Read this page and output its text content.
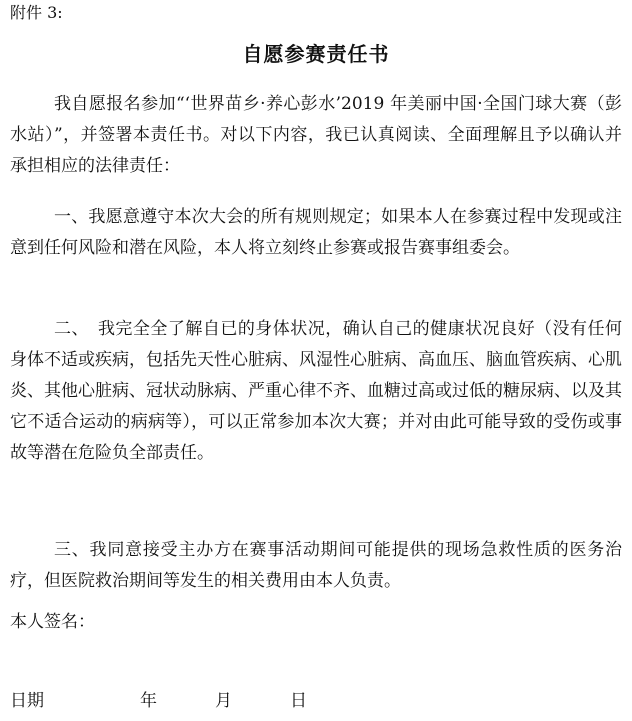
附件 3:
自愿参赛责任书

我自愿报名参加“‘世界苗乡·养心彭水’2019 年美丽中国·全国门球大赛（彭水站）”，并签署本责任书。对以下内容，我已认真阅读、全面理解且予以确认并承担相应的法律责任：

一、我愿意遵守本次大会的所有规则规定；如果本人在参赛过程中发现或注意到任何风险和潜在风险，本人将立刻终止参赛或报告赛事组委会。

二、　我完全全了解自已的身体状况，确认自己的健康状况良好（没有任何身体不适或疾病，包括先天性心脏病、风湿性心脏病、高血压、脑血管疾病、心肌炎、其他心脏病、冠状动脉病、严重心律不齐、血糖过高或过低的糖尿病、以及其它不适合运动的病病等），可以正常参加本次大赛；并对由此可能导致的受伤或事故等潜在危险负全部责任。

三、我同意接受主办方在赛事活动期间可能提供的现场急救性质的医务治疗，但医院救治期间等发生的相关费用由本人负责。

本人签名：
日期	年	月	日
